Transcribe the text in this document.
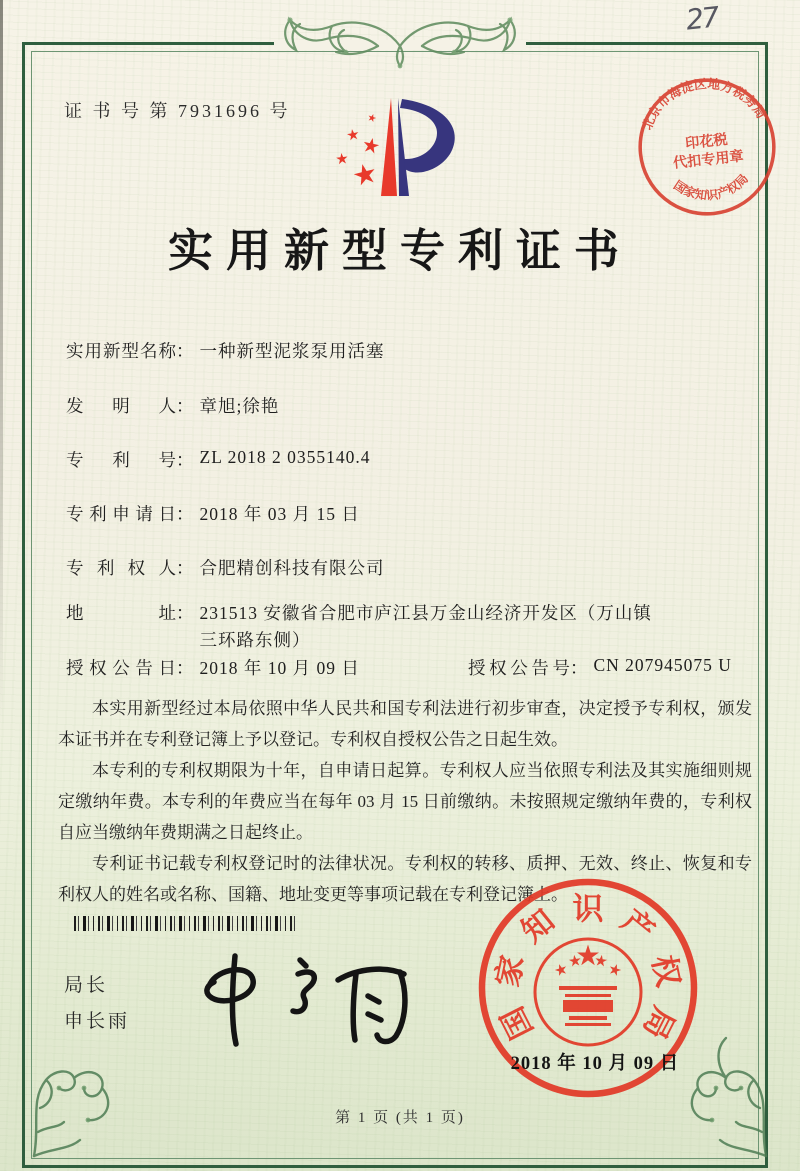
27
证 书 号 第 7931696 号
北京市海淀区地方税务局
国家知识产权局
印花税
代扣专用章
实用新型专利证书
实用新型名称： 一种新型泥浆泵用活塞
发明人： 章旭;徐艳
专利号： ZL 2018 2 0355140.4
专利申请日： 2018 年 03 月 15 日
专利权人： 合肥精创科技有限公司
地址： 231513 安徽省合肥市庐江县万金山经济开发区（万山镇三环路东侧）
授权公告日： 2018 年 10 月 09 日	授权公告号： CN 207945075 U

本实用新型经过本局依照中华人民共和国专利法进行初步审查，决定授予专利权，颁发本证书并在专利登记簿上予以登记。专利权自授权公告之日起生效。

本专利的专利权期限为十年，自申请日起算。专利权人应当依照专利法及其实施细则规定缴纳年费。本专利的年费应当在每年 03 月 15 日前缴纳。未按照规定缴纳年费的，专利权自应当缴纳年费期满之日起终止。

专利证书记载专利权登记时的法律状况。专利权的转移、质押、无效、终止、恢复和专利权人的姓名或名称、国籍、地址变更等事项记载在专利登记簿上。

局长
申长雨	国
家
知 识 产
权
局
2018 年 10 月 09 日
第 1 页 (共 1 页)
